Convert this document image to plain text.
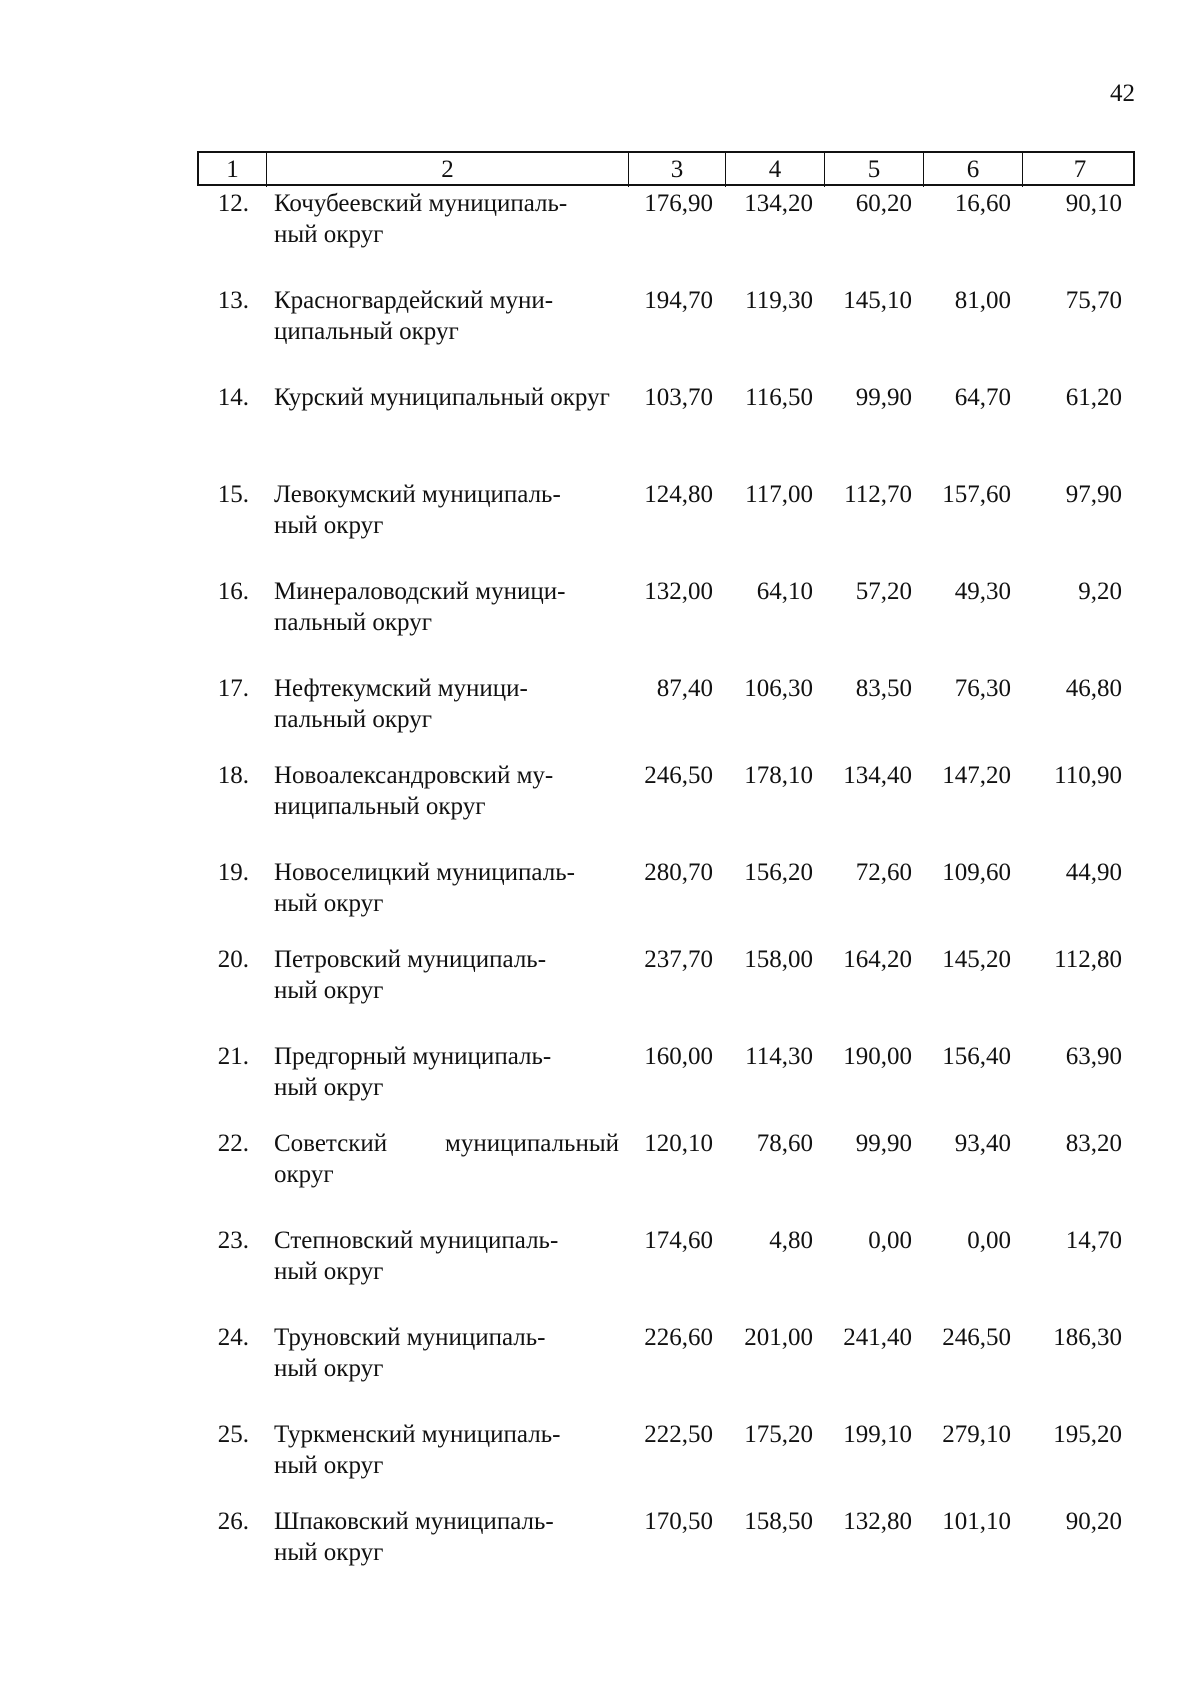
42
1	2	3	4	5	6	7
12. Кочубеевский муниципаль-
ный округ
176,90	134,20	60,20	16,60	90,10
13. Красногвардейский муни-
ципальный округ
194,70	119,30	145,10	81,00	75,70
14. Курский муниципальный округ	103,70	116,50	99,90	64,70	61,20
15. Левокумский муниципаль-
ный округ
124,80	117,00	112,70	157,60	97,90
16. Минераловодский муници-
пальный округ
132,00	64,10	57,20	49,30	9,20
17. Нефтекумский муници-
пальный округ
87,40	106,30	83,50	76,30	46,80
18. Новоалександровский му-
ниципальный округ
246,50	178,10	134,40	147,20	110,90
19. Новоселицкий муниципаль-
ный округ
280,70	156,20	72,60	109,60	44,90
20. Петровский муниципаль-
ный округ
237,70	158,00	164,20	145,20	112,80
21. Предгорный муниципаль-
ный округ
160,00	114,30	190,00	156,40	63,90
22. Советский муниципальный округ
120,10	78,60	99,90	93,40	83,20
23. Степновский муниципаль-
ный округ
174,60	4,80	0,00	0,00	14,70
24. Труновский муниципаль-
ный округ
226,60	201,00	241,40	246,50	186,30
25. Туркменский муниципаль-
ный округ
222,50	175,20	199,10	279,10	195,20
26. Шпаковский муниципаль-
ный округ
170,50	158,50	132,80	101,10	90,20
